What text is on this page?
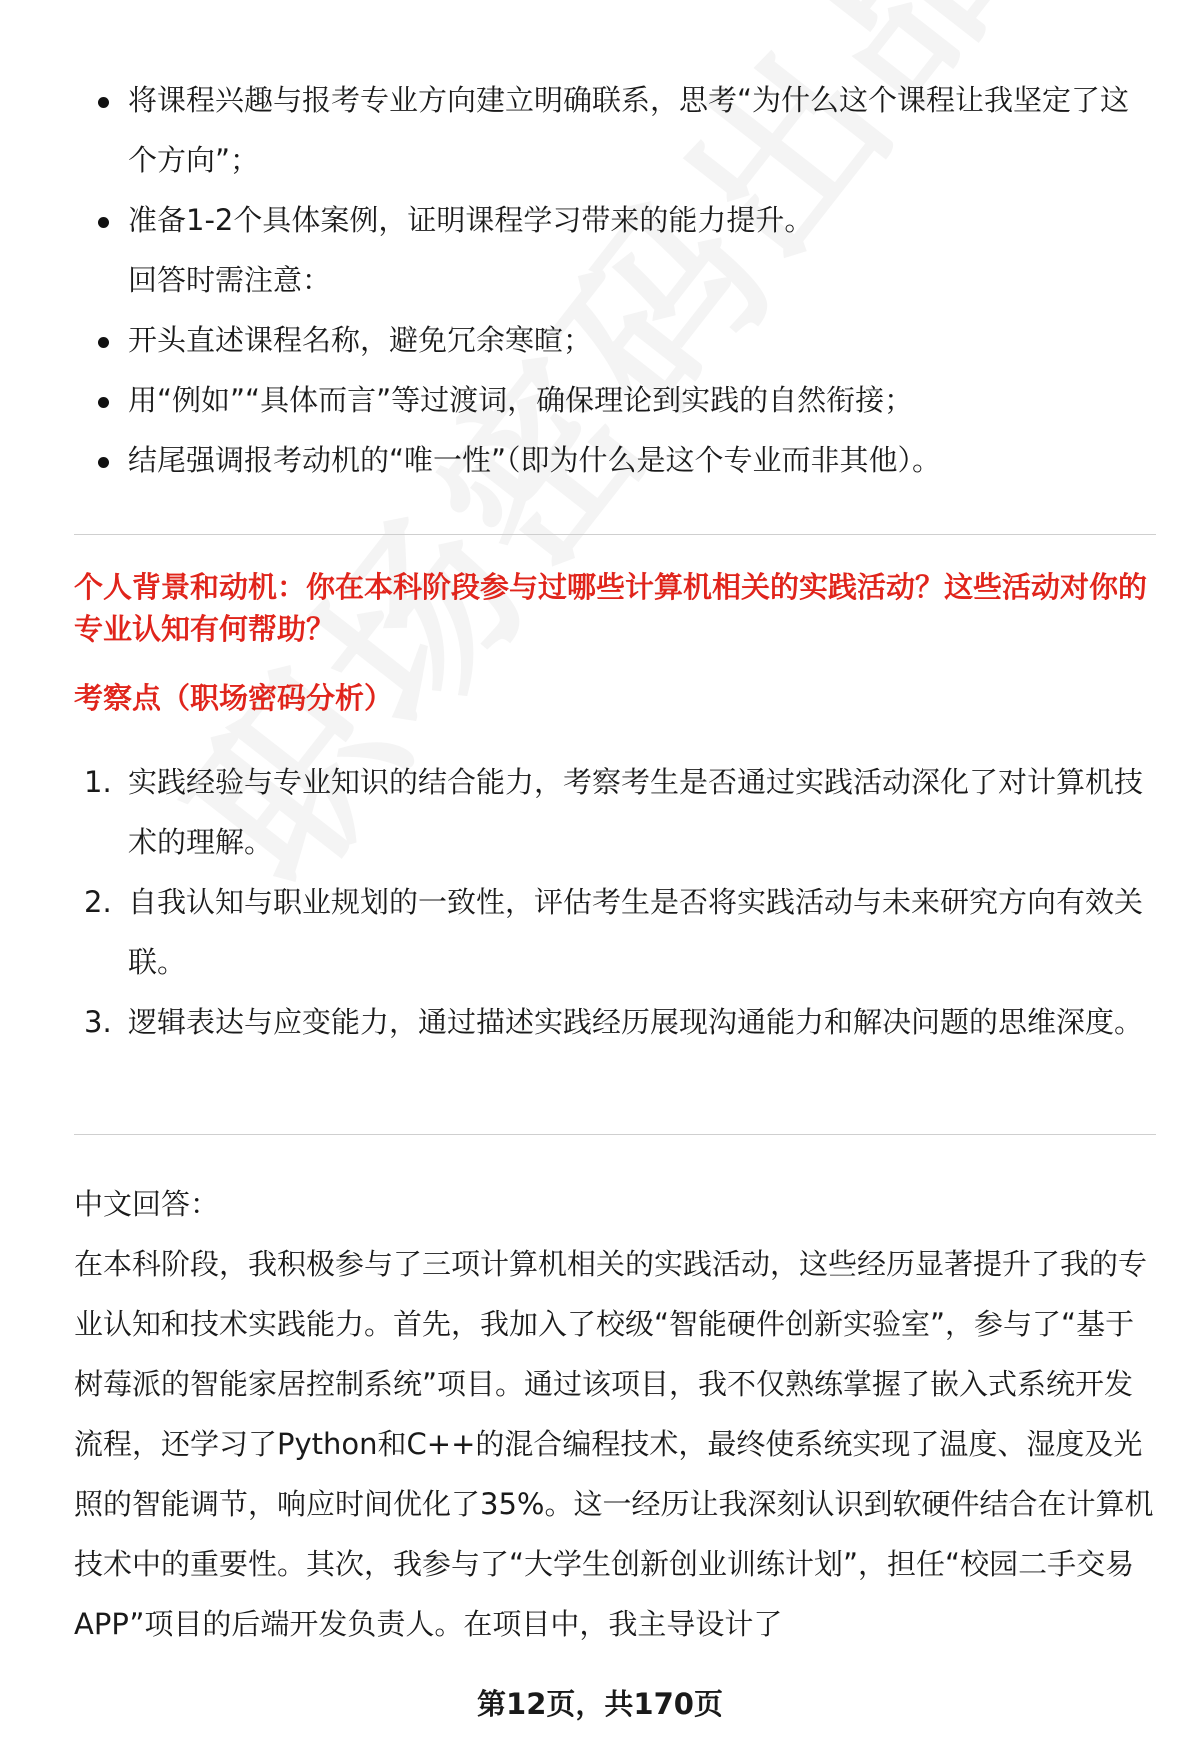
将课程兴趣与报考专业方向建立明确联系，思考“为什么这个课程让我坚定了这个方向”；
准备1-2个具体案例，证明课程学习带来的能力提升。
回答时需注意：
开头直述课程名称，避免冗余寒暄；
用“例如”“具体而言”等过渡词，确保理论到实践的自然衔接；
结尾强调报考动机的“唯一性”（即为什么是这个专业而非其他）。
个人背景和动机：你在本科阶段参与过哪些计算机相关的实践活动？这些活动对你的专业认知有何帮助？
考察点（职场密码分析）
1. 实践经验与专业知识的结合能力，考察考生是否通过实践活动深化了对计算机技术的理解。
2. 自我认知与职业规划的一致性，评估考生是否将实践活动与未来研究方向有效关联。
3. 逻辑表达与应变能力，通过描述实践经历展现沟通能力和解决问题的思维深度。
中文回答：
在本科阶段，我积极参与了三项计算机相关的实践活动，这些经历显著提升了我的专业认知和技术实践能力。首先，我加入了校级“智能硬件创新实验室”，参与了“基于树莓派的智能家居控制系统”项目。通过该项目，我不仅熟练掌握了嵌入式系统开发流程，还学习了Python和C++的混合编程技术，最终使系统实现了温度、湿度及光照的智能调节，响应时间优化了35%。这一经历让我深刻认识到软硬件结合在计算机技术中的重要性。其次，我参与了“大学生创新创业训练计划”，担任“校园二手交易APP”项目的后端开发负责人。在项目中，我主导设计了
第12页，共170页
